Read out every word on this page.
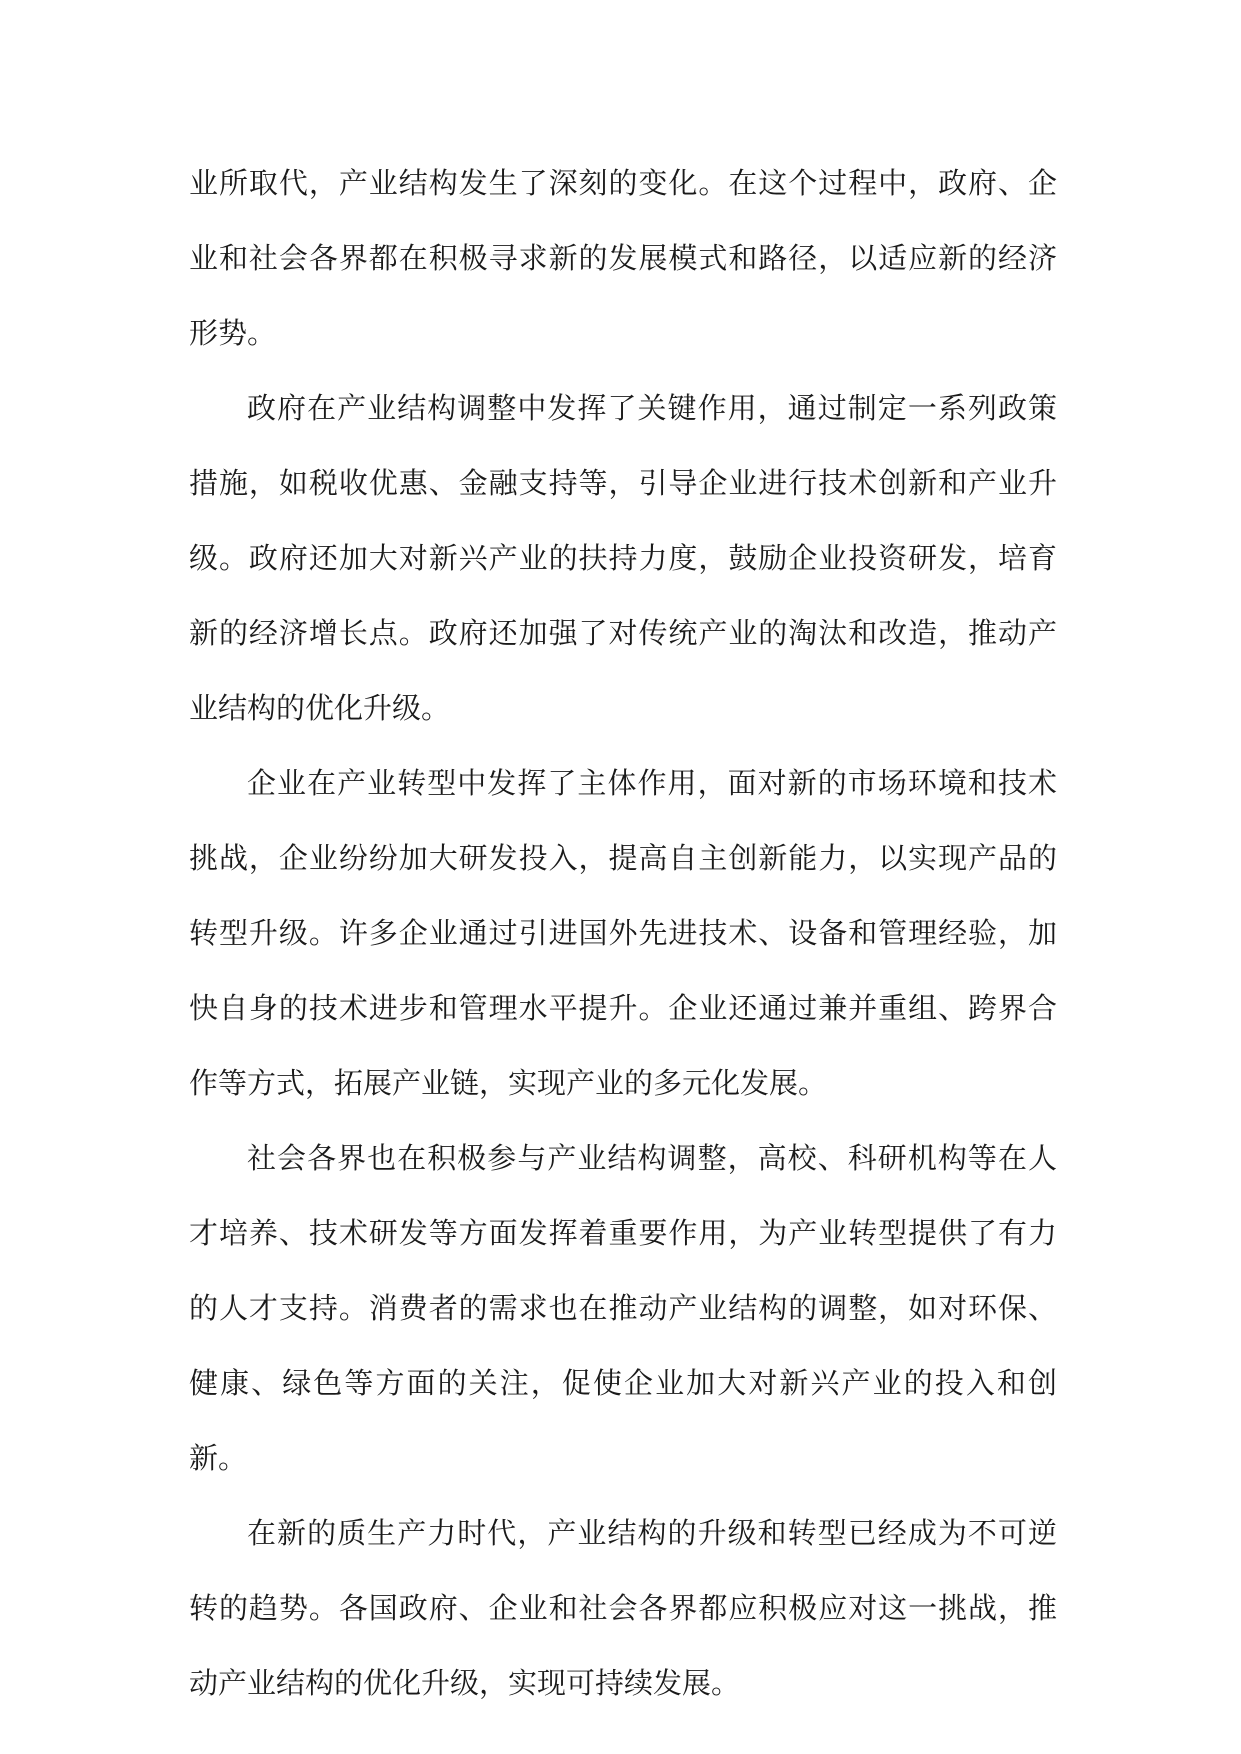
业所取代，产业结构发生了深刻的变化。在这个过程中，政府、企业和社会各界都在积极寻求新的发展模式和路径，以适应新的经济形势。

政府在产业结构调整中发挥了关键作用，通过制定一系列政策措施，如税收优惠、金融支持等，引导企业进行技术创新和产业升级。政府还加大对新兴产业的扶持力度，鼓励企业投资研发，培育新的经济增长点。政府还加强了对传统产业的淘汰和改造，推动产业结构的优化升级。

企业在产业转型中发挥了主体作用，面对新的市场环境和技术挑战，企业纷纷加大研发投入，提高自主创新能力，以实现产品的转型升级。许多企业通过引进国外先进技术、设备和管理经验，加快自身的技术进步和管理水平提升。企业还通过兼并重组、跨界合作等方式，拓展产业链，实现产业的多元化发展。

社会各界也在积极参与产业结构调整，高校、科研机构等在人才培养、技术研发等方面发挥着重要作用，为产业转型提供了有力的人才支持。消费者的需求也在推动产业结构的调整，如对环保、健康、绿色等方面的关注，促使企业加大对新兴产业的投入和创新。

在新的质生产力时代，产业结构的升级和转型已经成为不可逆转的趋势。各国政府、企业和社会各界都应积极应对这一挑战，推动产业结构的优化升级，实现可持续发展。
